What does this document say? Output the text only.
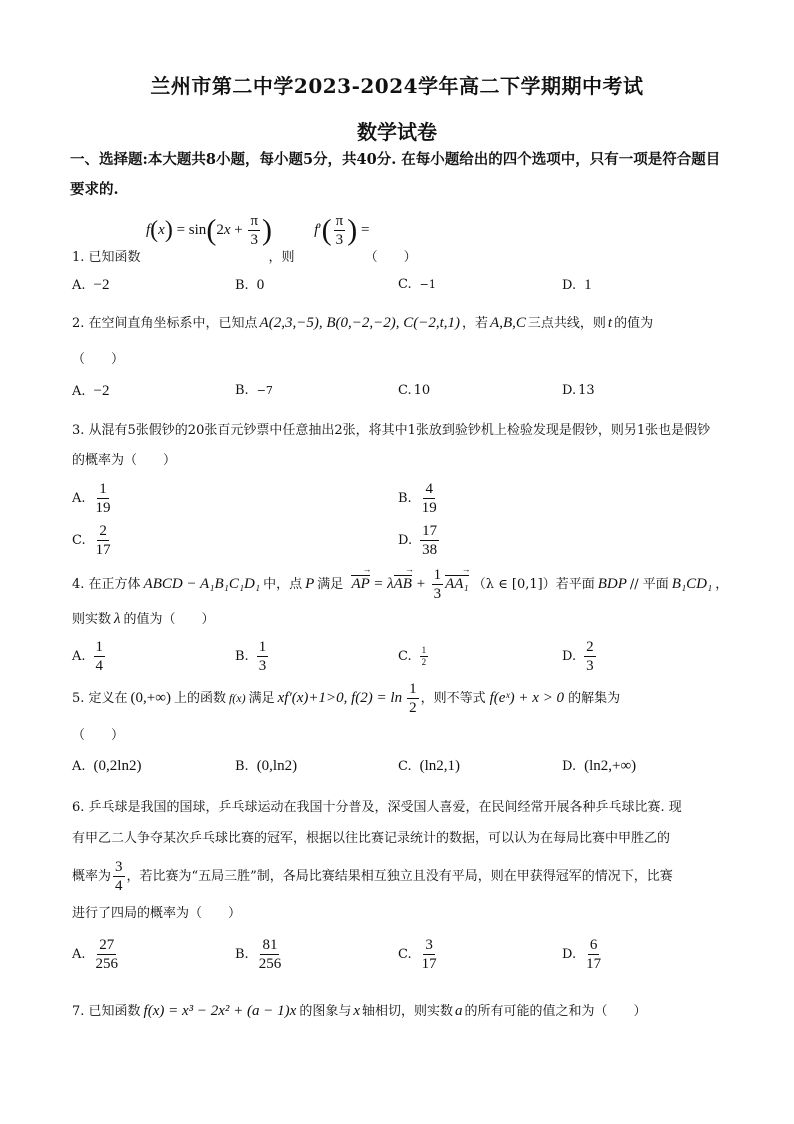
兰州市第二中学2023-2024学年高二下学期期中考试
数学试卷
一、选择题:本大题共8小题，每小题5分，共40分. 在每小题给出的四个选项中，只有一项是符合题目要求的.
$f(x) = \sin(2x + \frac{\pi}{3}$ )	$f'( \frac{\pi}{3}$ ) =
1. 已知函数	，则	（　　）
A. −2	B. 0	C. −1	D. 1
2. 在空间直角坐标系中，已知点 A(2,3,−5), B(0,−2,−2), C(−2,t,1) ，若 A,B,C 三点共线，则 t 的值为
（　　）
A. −2	B. −7	C. 10	D. 13
3. 从混有5张假钞的20张百元钞票中任意抽出2张，将其中1张放到验钞机上检验发现是假钞，则另1张也是假钞的概率为（　　）
A. $\frac{1}{19}$	B. $\frac{4}{19}$
C. $\frac{2}{17}$	D. $\frac{17}{38}$
4. 在正方体 ABCD − A₁B₁C₁D₁ 中，点 P 满足 → AP = λ→ AB + $\frac{1}{3}$
→ AA₁ （λ ∈ [0,1]）若平面 BDP // 平面 B₁CD₁ ，
则实数 λ 的值为（　　）
A. $\frac{1}{4}$	B. $\frac{1}{3}$	C. $\frac{1}{2}$	D. $\frac{2}{3}$
5. 定义在 (0,+∞) 上的函数 f(x) 满足 xf′(x)+1>0, $f(2) = \ln \frac{1}{2}$ ，则不等式 f(eˣ) + x > 0 的解集为
（　　）
A. (0,2ln2)	B. (0,ln2)	C. (ln2,1)	D. (ln2,+∞)
6. 乒乓球是我国的国球，乒乓球运动在我国十分普及，深受国人喜爱，在民间经常开展各种乒乓球比赛. 现
有甲乙二人争夺某次乒乓球比赛的冠军，根据以往比赛记录统计的数据，可以认为在每局比赛中甲胜乙的
概率为 $\frac{3}{4}$ ，若比赛为“五局三胜”制，各局比赛结果相互独立且没有平局，则在甲获得冠军的情况下，比赛
进行了四局的概率为（　　）
A. $\frac{27}{256}$	B. $\frac{81}{256}$	C. $\frac{3}{17}$	D. $\frac{6}{17}$
7. 已知函数 f(x) = x³ − 2x² + (a − 1)x 的图象与 x 轴相切，则实数 a 的所有可能的值之和为（　　）
